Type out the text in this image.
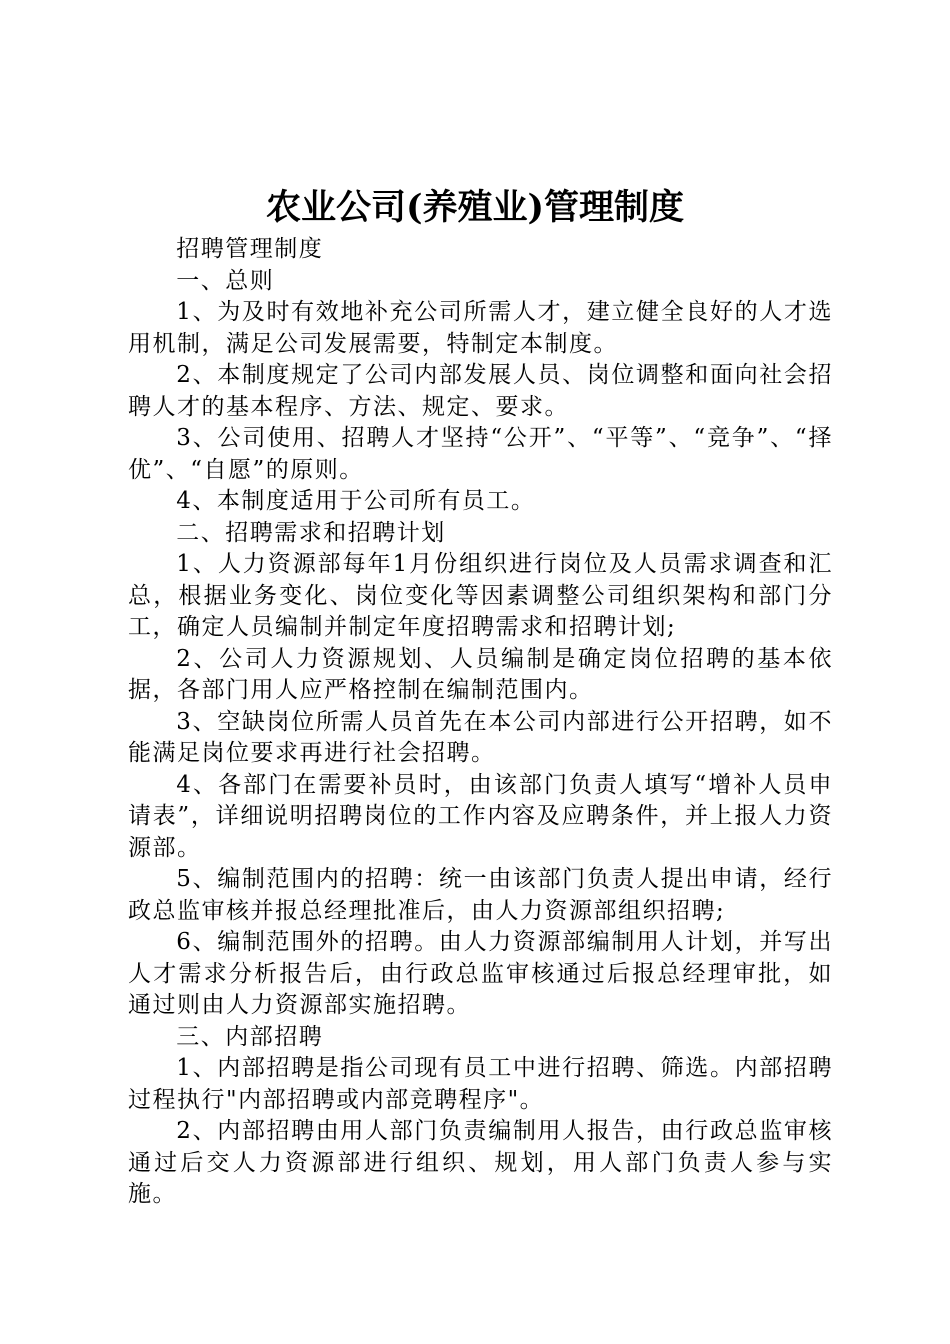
农业公司(养殖业)管理制度

招聘管理制度

一、总则

1、为及时有效地补充公司所需人才，建立健全良好的人才选用机制，满足公司发展需要，特制定本制度。

2、本制度规定了公司内部发展人员、岗位调整和面向社会招聘人才的基本程序、方法、规定、要求。

3、公司使用、招聘人才坚持“公开”、“平等”、“竞争”、“择优”、“自愿”的原则。

4、本制度适用于公司所有员工。

二、招聘需求和招聘计划

1、人力资源部每年1月份组织进行岗位及人员需求调查和汇总，根据业务变化、岗位变化等因素调整公司组织架构和部门分工，确定人员编制并制定年度招聘需求和招聘计划;

2、公司人力资源规划、人员编制是确定岗位招聘的基本依据，各部门用人应严格控制在编制范围内。

3、空缺岗位所需人员首先在本公司内部进行公开招聘，如不能满足岗位要求再进行社会招聘。

4、各部门在需要补员时，由该部门负责人填写“增补人员申请表”，详细说明招聘岗位的工作内容及应聘条件，并上报人力资源部。

5、编制范围内的招聘：统一由该部门负责人提出申请，经行政总监审核并报总经理批准后，由人力资源部组织招聘;

6、编制范围外的招聘。由人力资源部编制用人计划，并写出人才需求分析报告后，由行政总监审核通过后报总经理审批，如通过则由人力资源部实施招聘。

三、内部招聘

1、内部招聘是指公司现有员工中进行招聘、筛选。内部招聘过程执行"内部招聘或内部竞聘程序"。

2、内部招聘由用人部门负责编制用人报告，由行政总监审核通过后交人力资源部进行组织、规划，用人部门负责人参与实施。
